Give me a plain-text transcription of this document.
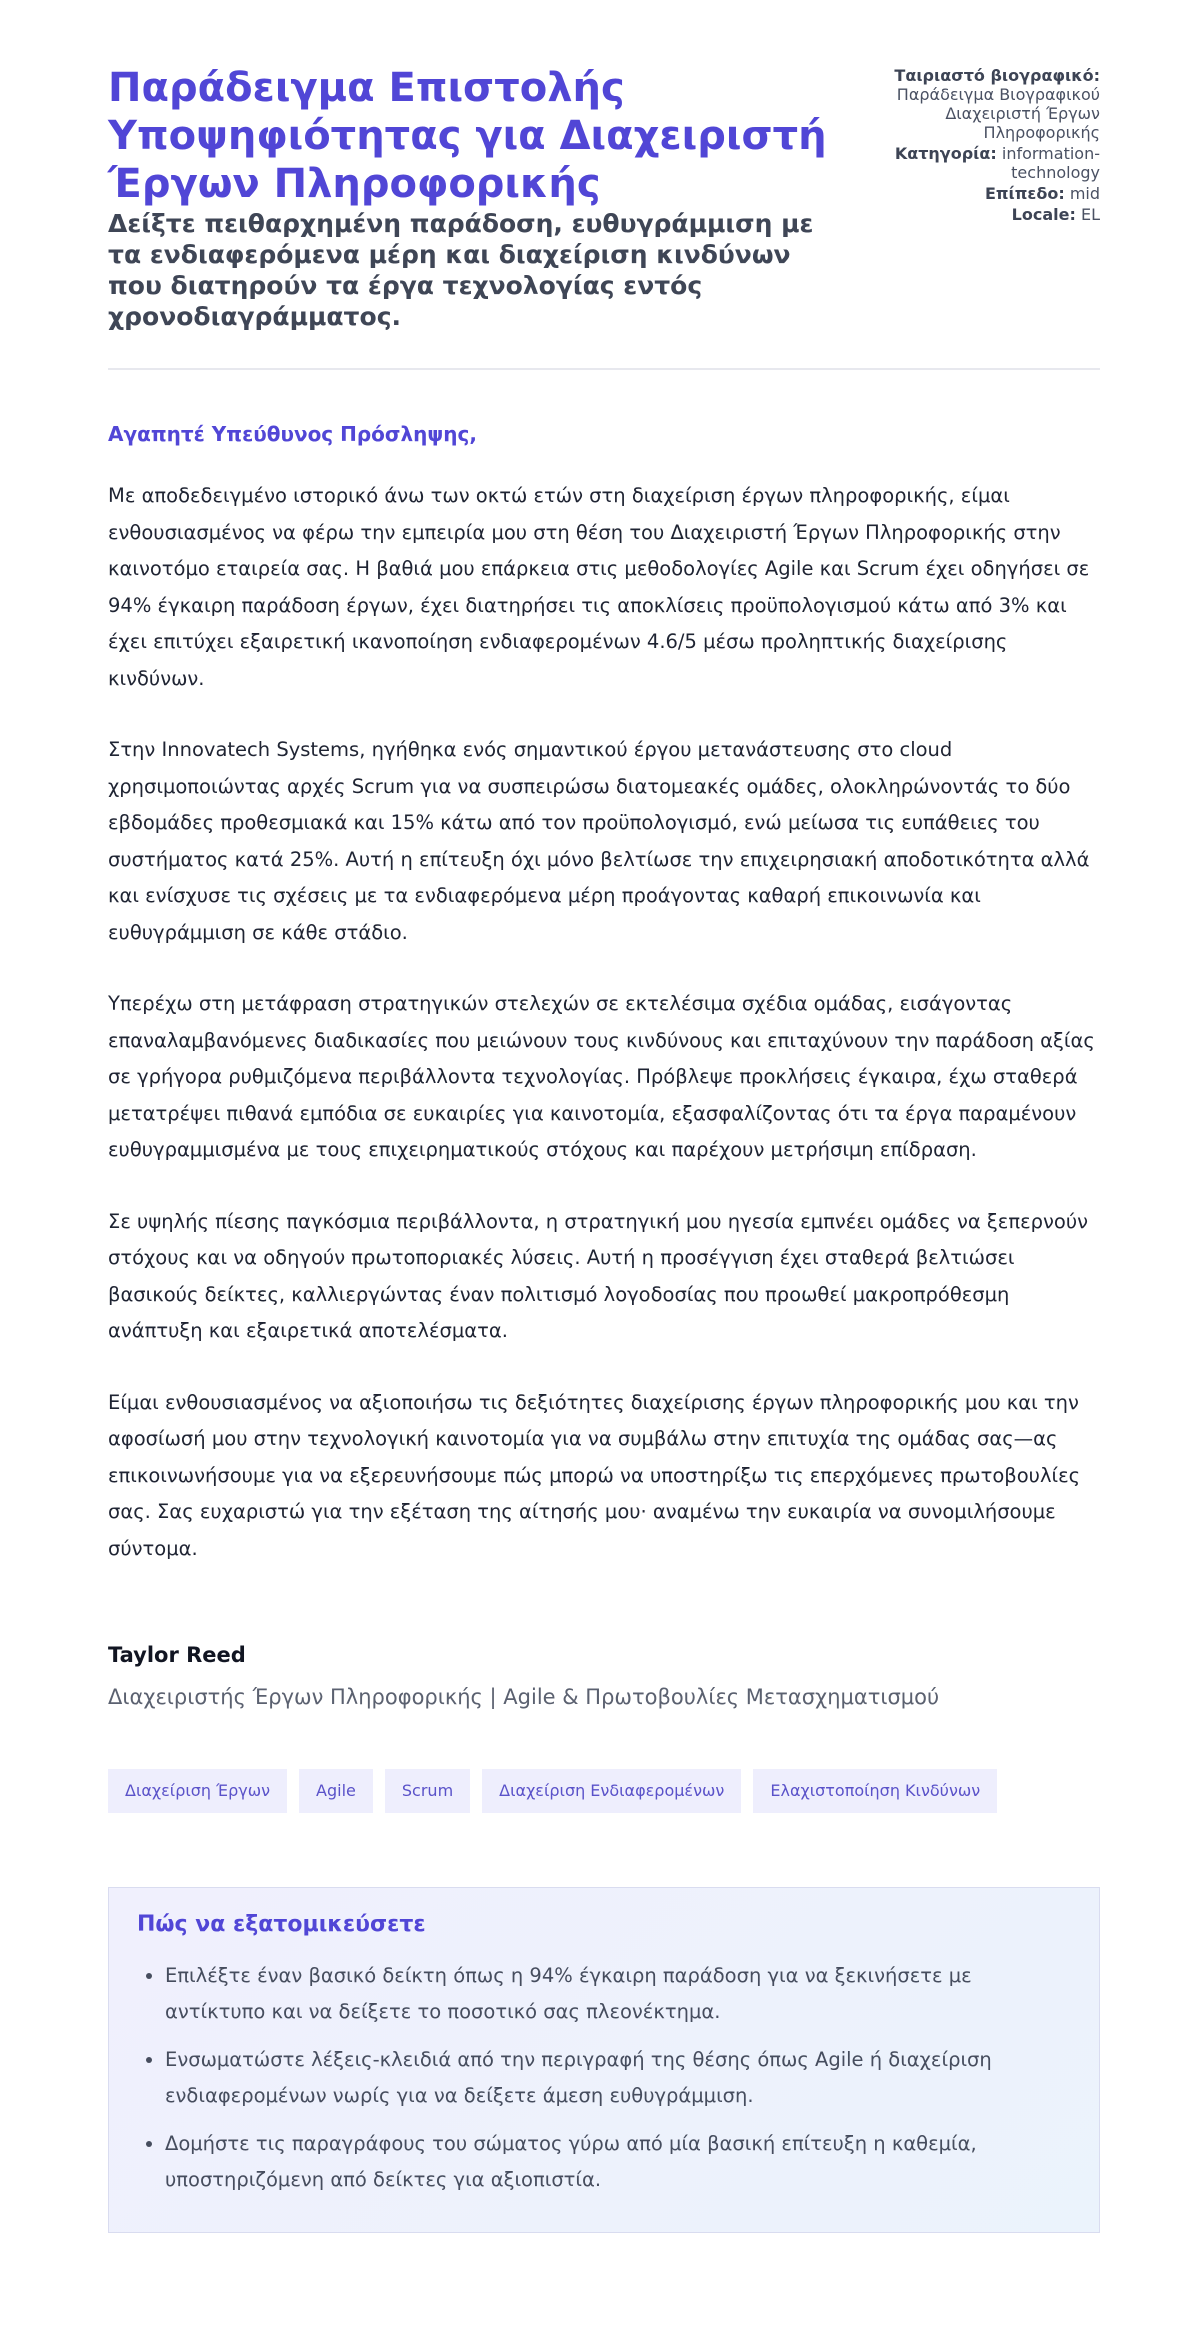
Παράδειγμα Επιστολής Υποψηφιότητας για Διαχειριστή Έργων Πληροφορικής

Δείξτε πειθαρχημένη παράδοση, ευθυγράμμιση με τα ενδιαφερόμενα μέρη και διαχείριση κινδύνων που διατηρούν τα έργα τεχνολογίας εντός χρονοδιαγράμματος.

Ταιριαστό βιογραφικό: Παράδειγμα Βιογραφικού Διαχειριστή Έργων Πληροφορικής
Κατηγορία: information-technology
Επίπεδο: mid
Locale: EL

Αγαπητέ Υπεύθυνος Πρόσληψης,

Με αποδεδειγμένο ιστορικό άνω των οκτώ ετών στη διαχείριση έργων πληροφορικής, είμαι ενθουσιασμένος να φέρω την εμπειρία μου στη θέση του Διαχειριστή Έργων Πληροφορικής στην καινοτόμο εταιρεία σας. Η βαθιά μου επάρκεια στις μεθοδολογίες Agile και Scrum έχει οδηγήσει σε 94% έγκαιρη παράδοση έργων, έχει διατηρήσει τις αποκλίσεις προϋπολογισμού κάτω από 3% και έχει επιτύχει εξαιρετική ικανοποίηση ενδιαφερομένων 4.6/5 μέσω προληπτικής διαχείρισης κινδύνων.

Στην Innovatech Systems, ηγήθηκα ενός σημαντικού έργου μετανάστευσης στο cloud χρησιμοποιώντας αρχές Scrum για να συσπειρώσω διατομεακές ομάδες, ολοκληρώνοντάς το δύο εβδομάδες προθεσμιακά και 15% κάτω από τον προϋπολογισμό, ενώ μείωσα τις ευπάθειες του συστήματος κατά 25%. Αυτή η επίτευξη όχι μόνο βελτίωσε την επιχειρησιακή αποδοτικότητα αλλά και ενίσχυσε τις σχέσεις με τα ενδιαφερόμενα μέρη προάγοντας καθαρή επικοινωνία και ευθυγράμμιση σε κάθε στάδιο.

Υπερέχω στη μετάφραση στρατηγικών στελεχών σε εκτελέσιμα σχέδια ομάδας, εισάγοντας επαναλαμβανόμενες διαδικασίες που μειώνουν τους κινδύνους και επιταχύνουν την παράδοση αξίας σε γρήγορα ρυθμιζόμενα περιβάλλοντα τεχνολογίας. Πρόβλεψε προκλήσεις έγκαιρα, έχω σταθερά μετατρέψει πιθανά εμπόδια σε ευκαιρίες για καινοτομία, εξασφαλίζοντας ότι τα έργα παραμένουν ευθυγραμμισμένα με τους επιχειρηματικούς στόχους και παρέχουν μετρήσιμη επίδραση.

Σε υψηλής πίεσης παγκόσμια περιβάλλοντα, η στρατηγική μου ηγεσία εμπνέει ομάδες να ξεπερνούν στόχους και να οδηγούν πρωτοποριακές λύσεις. Αυτή η προσέγγιση έχει σταθερά βελτιώσει βασικούς δείκτες, καλλιεργώντας έναν πολιτισμό λογοδοσίας που προωθεί μακροπρόθεσμη ανάπτυξη και εξαιρετικά αποτελέσματα.

Είμαι ενθουσιασμένος να αξιοποιήσω τις δεξιότητες διαχείρισης έργων πληροφορικής μου και την αφοσίωσή μου στην τεχνολογική καινοτομία για να συμβάλω στην επιτυχία της ομάδας σας—ας επικοινωνήσουμε για να εξερευνήσουμε πώς μπορώ να υποστηρίξω τις επερχόμενες πρωτοβουλίες σας. Σας ευχαριστώ για την εξέταση της αίτησής μου· αναμένω την ευκαιρία να συνομιλήσουμε σύντομα.

Taylor Reed
Διαχειριστής Έργων Πληροφορικής | Agile & Πρωτοβουλίες Μετασχηματισμού
Διαχείριση Έργων	Agile	Scrum	Διαχείριση Ενδιαφερομένων	Ελαχιστοποίηση Κινδύνων
Πώς να εξατομικεύσετε
• Επιλέξτε έναν βασικό δείκτη όπως η 94% έγκαιρη παράδοση για να ξεκινήσετε με αντίκτυπο και να δείξετε το ποσοτικό σας πλεονέκτημα.
• Ενσωματώστε λέξεις-κλειδιά από την περιγραφή της θέσης όπως Agile ή διαχείριση ενδιαφερομένων νωρίς για να δείξετε άμεση ευθυγράμμιση.
• Δομήστε τις παραγράφους του σώματος γύρω από μία βασική επίτευξη η καθεμία, υποστηριζόμενη από δείκτες για αξιοπιστία.
